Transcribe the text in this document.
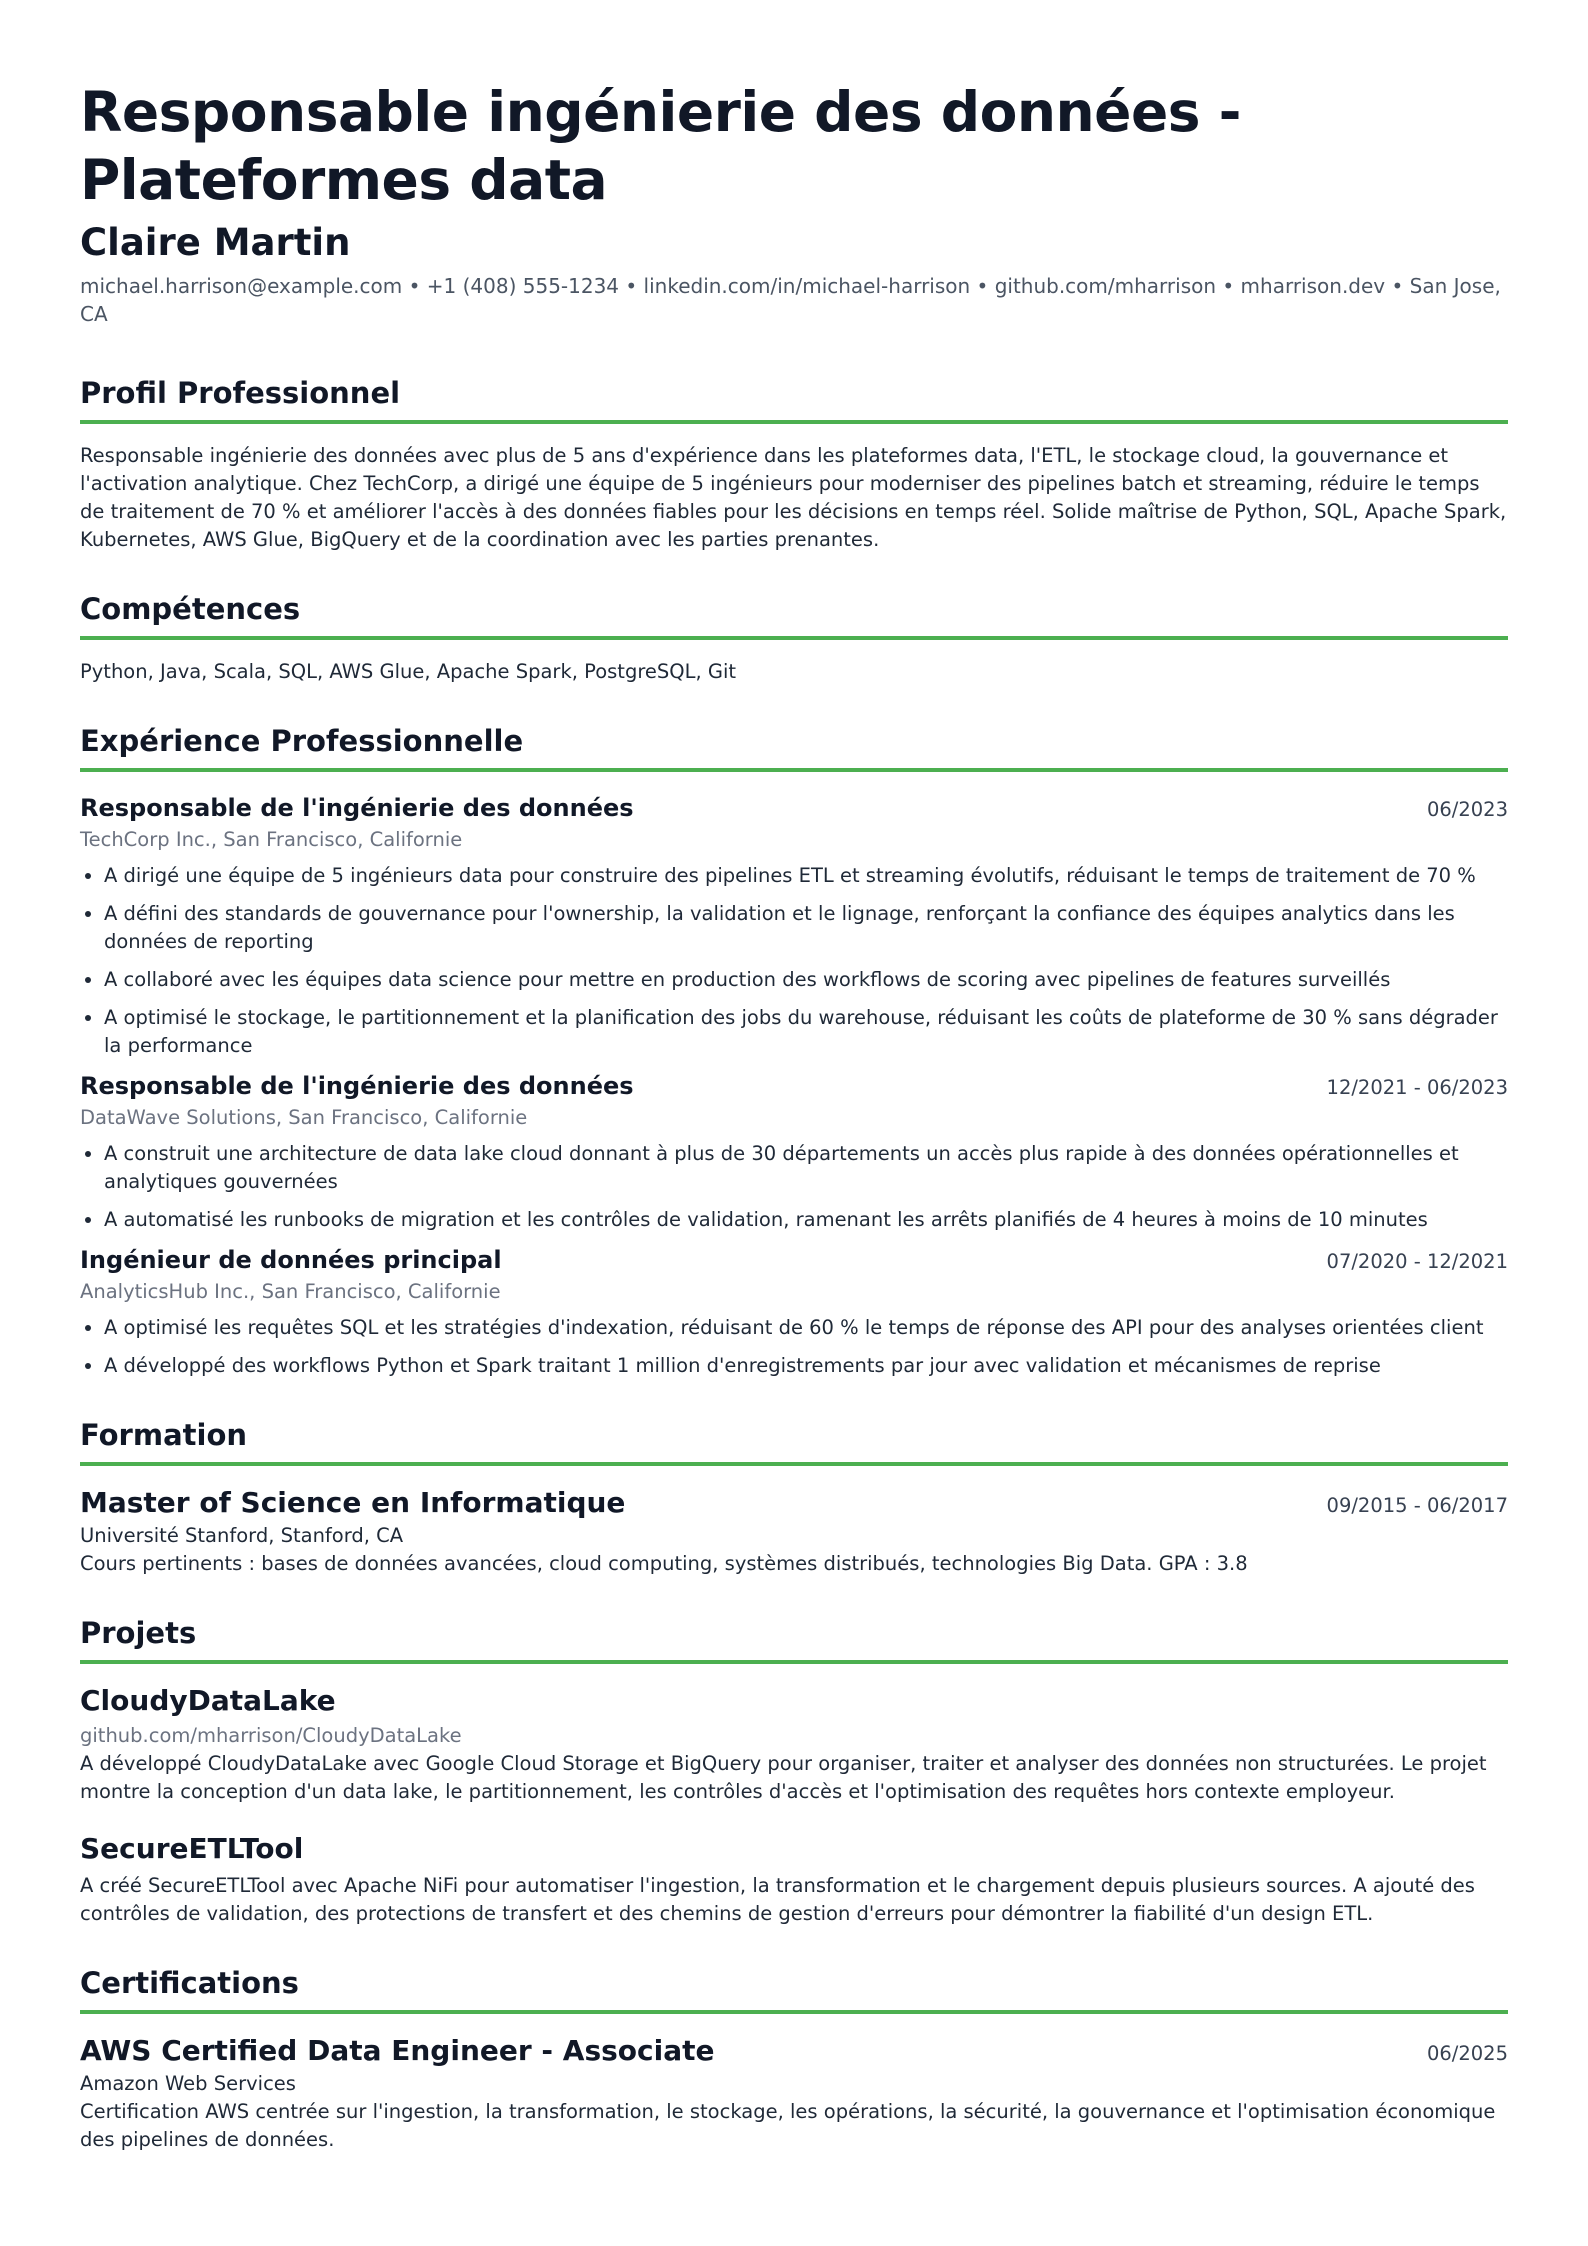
Responsable ingénierie des données - Plateformes data
Claire Martin
michael.harrison@example.com • +1 (408) 555-1234 • linkedin.com/in/michael-harrison • github.com/mharrison • mharrison.dev • San Jose, CA
Profil Professionnel
Responsable ingénierie des données avec plus de 5 ans d'expérience dans les plateformes data, l'ETL, le stockage cloud, la gouvernance et l'activation analytique. Chez TechCorp, a dirigé une équipe de 5 ingénieurs pour moderniser des pipelines batch et streaming, réduire le temps de traitement de 70 % et améliorer l'accès à des données fiables pour les décisions en temps réel. Solide maîtrise de Python, SQL, Apache Spark, Kubernetes, AWS Glue, BigQuery et de la coordination avec les parties prenantes.
Compétences
Python, Java, Scala, SQL, AWS Glue, Apache Spark, PostgreSQL, Git
Expérience Professionnelle
Responsable de l'ingénierie des données	06/2023
TechCorp Inc., San Francisco, Californie
• A dirigé une équipe de 5 ingénieurs data pour construire des pipelines ETL et streaming évolutifs, réduisant le temps de traitement de 70 %
• A défini des standards de gouvernance pour l'ownership, la validation et le lignage, renforçant la confiance des équipes analytics dans les données de reporting
• A collaboré avec les équipes data science pour mettre en production des workflows de scoring avec pipelines de features surveillés
• A optimisé le stockage, le partitionnement et la planification des jobs du warehouse, réduisant les coûts de plateforme de 30 % sans dégrader la performance
Responsable de l'ingénierie des données	12/2021 - 06/2023
DataWave Solutions, San Francisco, Californie
• A construit une architecture de data lake cloud donnant à plus de 30 départements un accès plus rapide à des données opérationnelles et analytiques gouvernées
• A automatisé les runbooks de migration et les contrôles de validation, ramenant les arrêts planifiés de 4 heures à moins de 10 minutes
Ingénieur de données principal	07/2020 - 12/2021
AnalyticsHub Inc., San Francisco, Californie
• A optimisé les requêtes SQL et les stratégies d'indexation, réduisant de 60 % le temps de réponse des API pour des analyses orientées client
• A développé des workflows Python et Spark traitant 1 million d'enregistrements par jour avec validation et mécanismes de reprise
Formation
Master of Science en Informatique	09/2015 - 06/2017
Université Stanford, Stanford, CA
Cours pertinents : bases de données avancées, cloud computing, systèmes distribués, technologies Big Data. GPA : 3.8
Projets
CloudyDataLake
github.com/mharrison/CloudyDataLake
A développé CloudyDataLake avec Google Cloud Storage et BigQuery pour organiser, traiter et analyser des données non structurées. Le projet montre la conception d'un data lake, le partitionnement, les contrôles d'accès et l'optimisation des requêtes hors contexte employeur.
SecureETLTool
A créé SecureETLTool avec Apache NiFi pour automatiser l'ingestion, la transformation et le chargement depuis plusieurs sources. A ajouté des contrôles de validation, des protections de transfert et des chemins de gestion d'erreurs pour démontrer la fiabilité d'un design ETL.
Certifications
AWS Certified Data Engineer - Associate	06/2025
Amazon Web Services
Certification AWS centrée sur l'ingestion, la transformation, le stockage, les opérations, la sécurité, la gouvernance et l'optimisation économique des pipelines de données.
